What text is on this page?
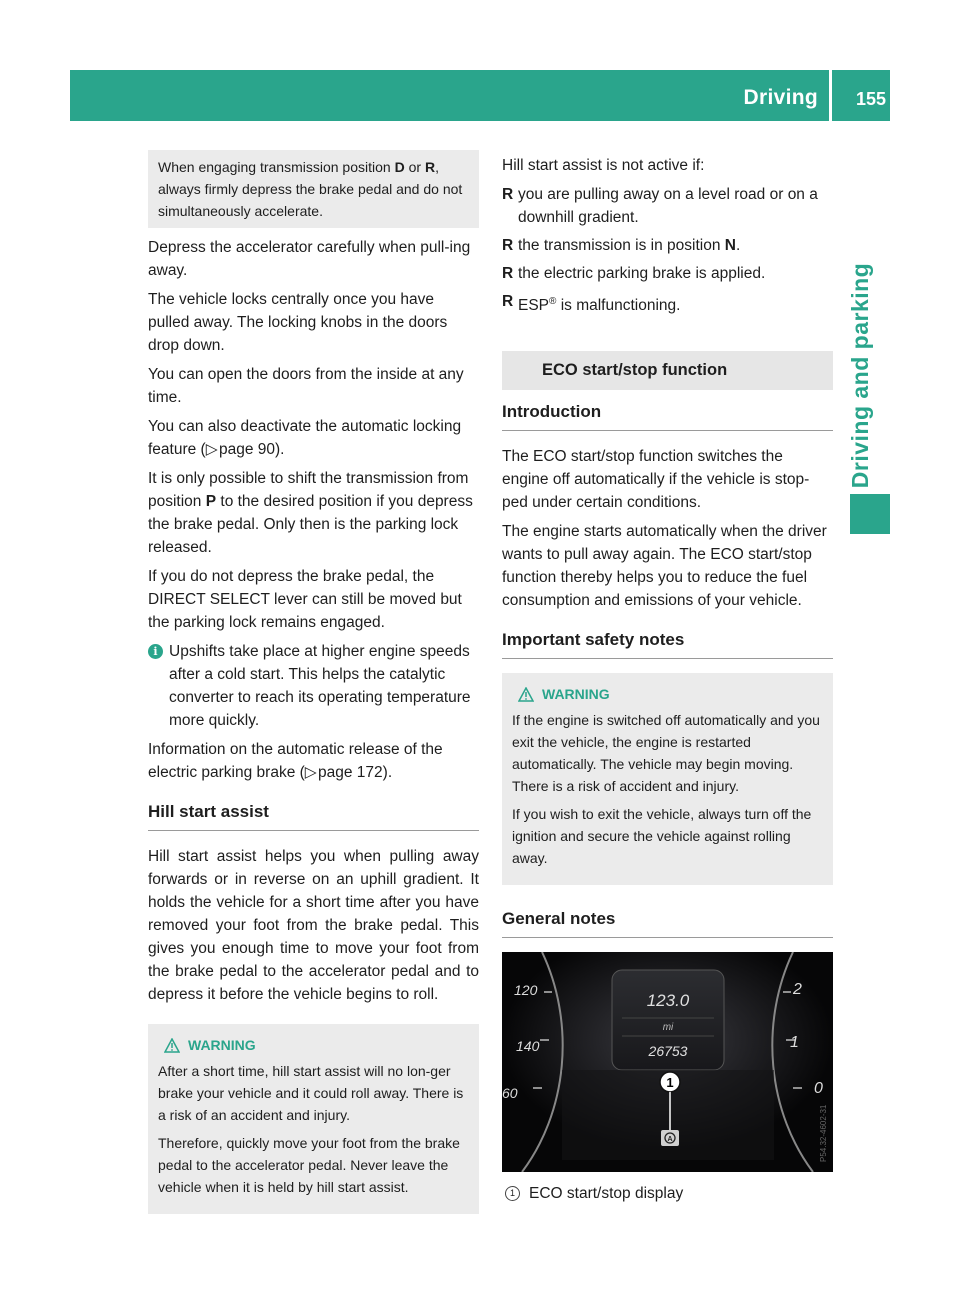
Driving 155
Driving and parking
When engaging transmission position D or R, always firmly depress the brake pedal and do not simultaneously accelerate.

Depress the accelerator carefully when pull-ing away.

The vehicle locks centrally once you have pulled away. The locking knobs in the doors drop down.

You can open the doors from the inside at any time.

You can also deactivate the automatic locking feature (▷ page 90).

It is only possible to shift the transmission from position P to the desired position if you depress the brake pedal. Only then is the parking lock released.

If you do not depress the brake pedal, the DIRECT SELECT lever can still be moved but the parking lock remains engaged.

i Upshifts take place at higher engine speeds after a cold start. This helps the catalytic converter to reach its operating temperature more quickly.

Information on the automatic release of the electric parking brake (▷ page 172).

Hill start assist

Hill start assist helps you when pulling away forwards or in reverse on an uphill gradient. It holds the vehicle for a short time after you have removed your foot from the brake pedal. This gives you enough time to move your foot from the brake pedal to the accelerator pedal and to depress it before the vehicle begins to roll.

WARNING

After a short time, hill start assist will no lon-ger brake your vehicle and it could roll away. There is a risk of an accident and injury.

Therefore, quickly move your foot from the brake pedal to the accelerator pedal. Never leave the vehicle when it is held by hill start assist.

Hill start assist is not active if:

R you are pulling away on a level road or on a downhill gradient.
R the transmission is in position N.
R the electric parking brake is applied.
R ESP® is malfunctioning.
ECO start/stop function
Introduction

The ECO start/stop function switches the engine off automatically if the vehicle is stop-ped under certain conditions.

The engine starts automatically when the driver wants to pull away again. The ECO start/stop function thereby helps you to reduce the fuel consumption and emissions of your vehicle.

Important safety notes
WARNING

If the engine is switched off automatically and you exit the vehicle, the engine is restarted automatically. The vehicle may begin moving. There is a risk of accident and injury.

If you wish to exit the vehicle, always turn off the ignition and secure the vehicle against rolling away.

General notes
120
140
60
2
1
0
123.0
mi
26753
1
A	P54.32-4602-31
1 ECO start/stop display
